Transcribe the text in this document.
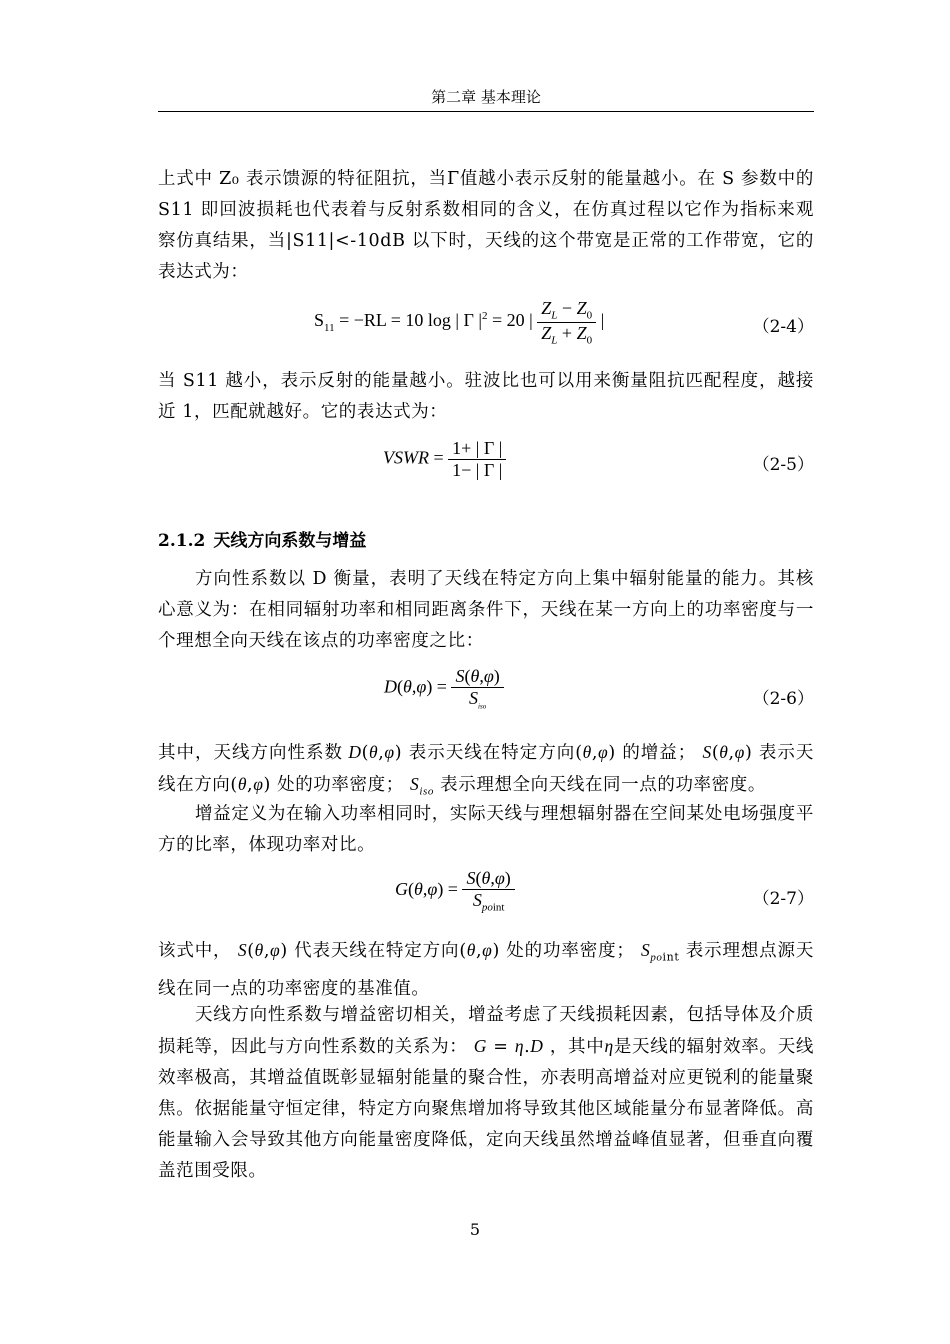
第二章 基本理论

上式中 Z₀ 表示馈源的特征阻抗，当Γ值越小表示反射的能量越小。在 S 参数中的 S11 即回波损耗也代表着与反射系数相同的含义，在仿真过程以它作为指标来观察仿真结果，当|S11|<-10dB 以下时，天线的这个带宽是正常的工作带宽，它的表达式为：

$S_{11} = -RL = 10$ log | Γ $|^2 = 20$ | $\frac{Z_L - Z_0}{Z_L + Z_0}$ |	（2-4）

当 S11 越小，表示反射的能量越小。驻波比也可以用来衡量阻抗匹配程度，越接近 1，匹配就越好。它的表达式为：

VSWR = $\frac{1+ | \Gamma |}{1- | \Gamma |}$	（2-5）
2.1.2 天线方向系数与增益

方向性系数以 D 衡量，表明了天线在特定方向上集中辐射能量的能力。其核心意义为：在相同辐射功率和相同距离条件下，天线在某一方向上的功率密度与一个理想全向天线在该点的功率密度之比：

$D(\theta,\varphi) = \frac{S(\theta,\varphi)}{S_{iso}}$	（2-6）

其中，天线方向性系数 D(θ,φ) 表示天线在特定方向(θ,φ) 的增益； S(θ,φ) 表示天线在方向(θ,φ) 处的功率密度； $S_{iso}$ 表示理想全向天线在同一点的功率密度。

增益定义为在输入功率相同时，实际天线与理想辐射器在空间某处电场强度平方的比率，体现功率对比。

$G(\theta,\varphi) = \frac{S(\theta,\varphi)}{S_{point}}$	（2-7）

该式中， S(θ,φ) 代表天线在特定方向(θ,φ) 处的功率密度； $S_{point}$ 表示理想点源天线在同一点的功率密度的基准值。

天线方向性系数与增益密切相关，增益考虑了天线损耗因素，包括导体及介质损耗等，因此与方向性系数的关系为： G = η.D ，其中η是天线的辐射效率。天线效率极高，其增益值既彰显辐射能量的聚合性，亦表明高增益对应更锐利的能量聚焦。依据能量守恒定律，特定方向聚焦增加将导致其他区域能量分布显著降低。高能量输入会导致其他方向能量密度降低，定向天线虽然增益峰值显著，但垂直向覆盖范围受限。

5
